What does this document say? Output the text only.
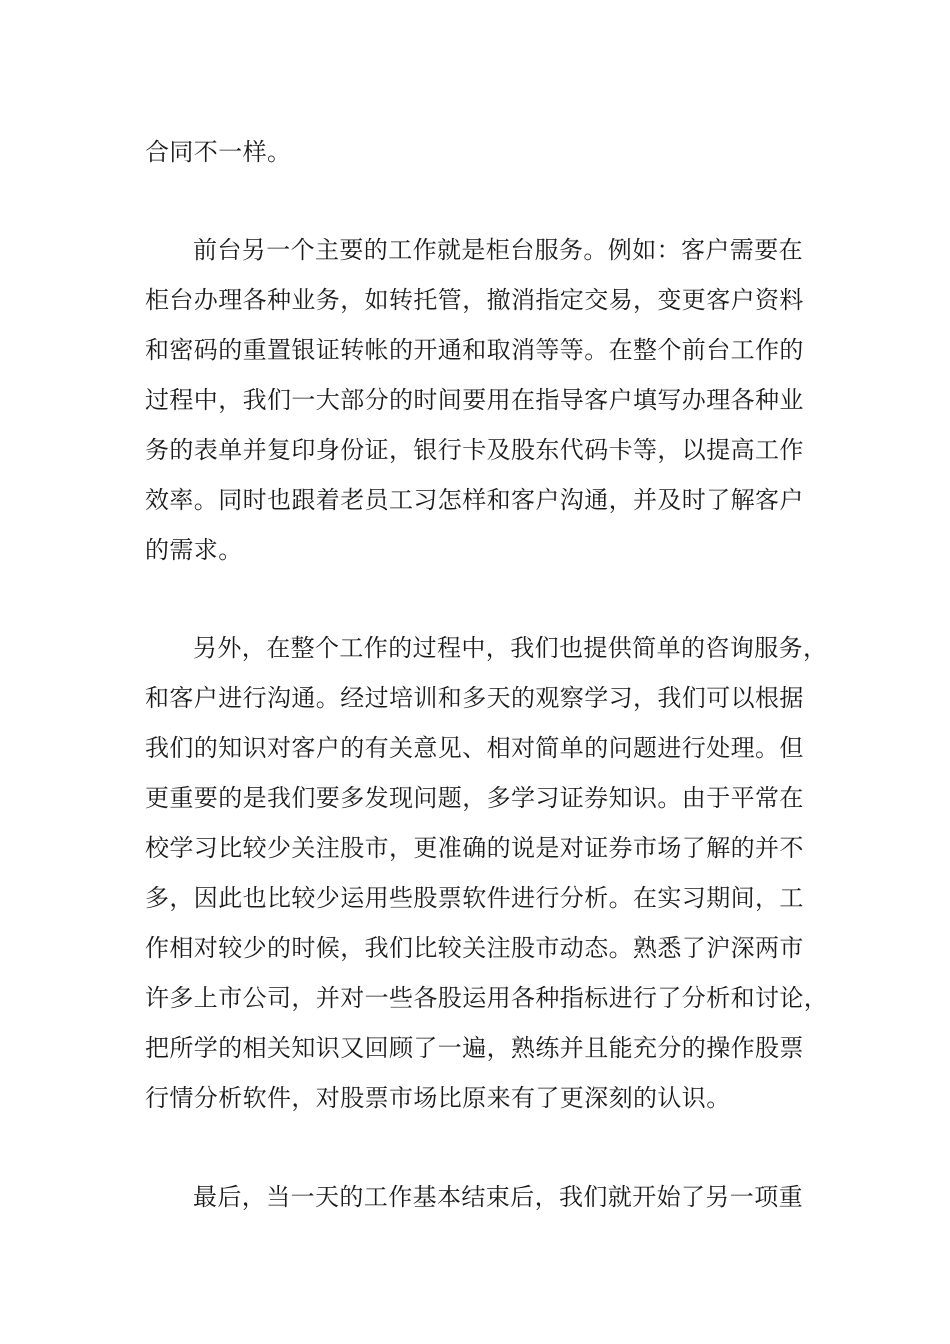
合同不一样。
前台另一个主要的工作就是柜台服务。例如：客户需要在
柜台办理各种业务，如转托管，撤消指定交易，变更客户资料
和密码的重置银证转帐的开通和取消等等。在整个前台工作的
过程中，我们一大部分的时间要用在指导客户填写办理各种业
务的表单并复印身份证，银行卡及股东代码卡等，以提高工作
效率。同时也跟着老员工习怎样和客户沟通，并及时了解客户
的需求。
另外，在整个工作的过程中，我们也提供简单的咨询服务，
和客户进行沟通。经过培训和多天的观察学习，我们可以根据
我们的知识对客户的有关意见、相对简单的问题进行处理。但
更重要的是我们要多发现问题，多学习证券知识。由于平常在
校学习比较少关注股市，更准确的说是对证券市场了解的并不
多，因此也比较少运用些股票软件进行分析。在实习期间，工
作相对较少的时候，我们比较关注股市动态。熟悉了沪深两市
许多上市公司，并对一些各股运用各种指标进行了分析和讨论，
把所学的相关知识又回顾了一遍，熟练并且能充分的操作股票
行情分析软件，对股票市场比原来有了更深刻的认识。
最后，当一天的工作基本结束后，我们就开始了另一项重
